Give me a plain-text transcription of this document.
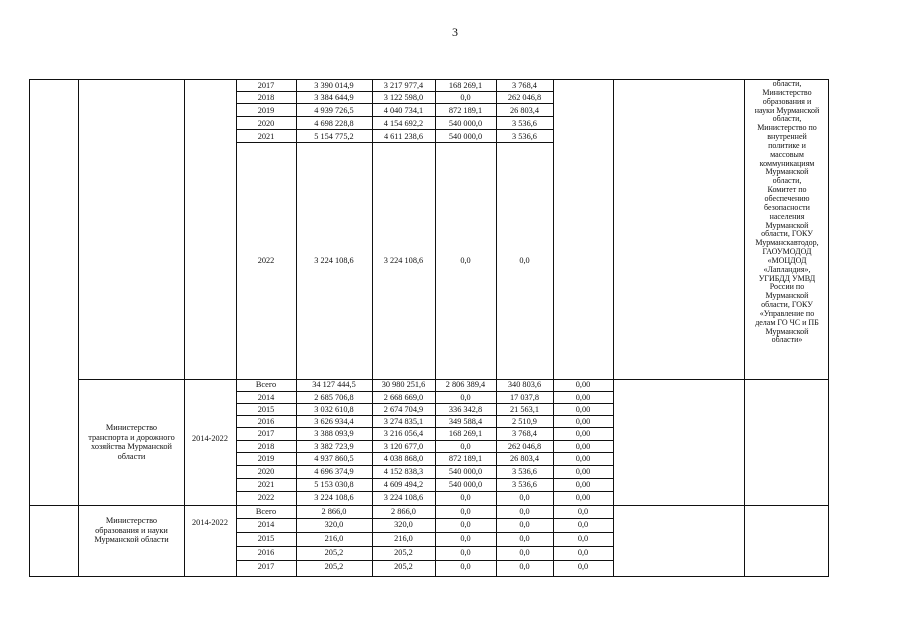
3
2017	3 390 014,9	3 217 977,4	168 269,1	3 768,4
2018	3 384 644,9	3 122 598,0	0,0	262 046,8
2019	4 939 726,5	4 040 734,1	872 189,1	26 803,4
2020	4 698 228,8	4 154 692,2	540 000,0	3 536,6
2021	5 154 775,2	4 611 238,6	540 000,0	3 536,6
2022	3 224 108,6	3 224 108,6	0,0	0,0
области,
Министерство
образования и
науки Мурманской
области,
Министерство по
внутренней
политике и
массовым
коммуникациям
Мурманской
области,
Комитет по
обеспечению
безопасности
населения
Мурманской
области, ГОКУ
Мурманскавтодор,
ГАОУМОДОД
«МОЦДОД
«Лапландия»,
УГИБДД УМВД
России по
Мурманской
области, ГОКУ
«Управление по
делам ГО ЧС и ПБ
Мурманской
области»
Министерство
транспорта и дорожного
хозяйства Мурманской
области
2014-2022
Всего	34 127 444,5	30 980 251,6	2 806 389,4	340 803,6	0,00
2014	2 685 706,8	2 668 669,0	0,0	17 037,8	0,00
2015	3 032 610,8	2 674 704,9	336 342,8	21 563,1	0,00
2016	3 626 934,4	3 274 835,1	349 588,4	2 510,9	0,00
2017	3 388 093,9	3 216 056,4	168 269,1	3 768,4	0,00
2018	3 382 723,9	3 120 677,0	0,0	262 046,8	0,00
2019	4 937 860,5	4 038 868,0	872 189,1	26 803,4	0,00
2020	4 696 374,9	4 152 838,3	540 000,0	3 536,6	0,00
2021	5 153 030,8	4 609 494,2	540 000,0	3 536,6	0,00
2022	3 224 108,6	3 224 108,6	0,0	0,0	0,00
Министерство
образования и науки
Мурманской области
2014-2022
Всего	2 866,0	2 866,0	0,0	0,0	0,0
2014	320,0	320,0	0,0	0,0	0,0
2015	216,0	216,0	0,0	0,0	0,0
2016	205,2	205,2	0,0	0,0	0,0
2017	205,2	205,2	0,0	0,0	0,0
